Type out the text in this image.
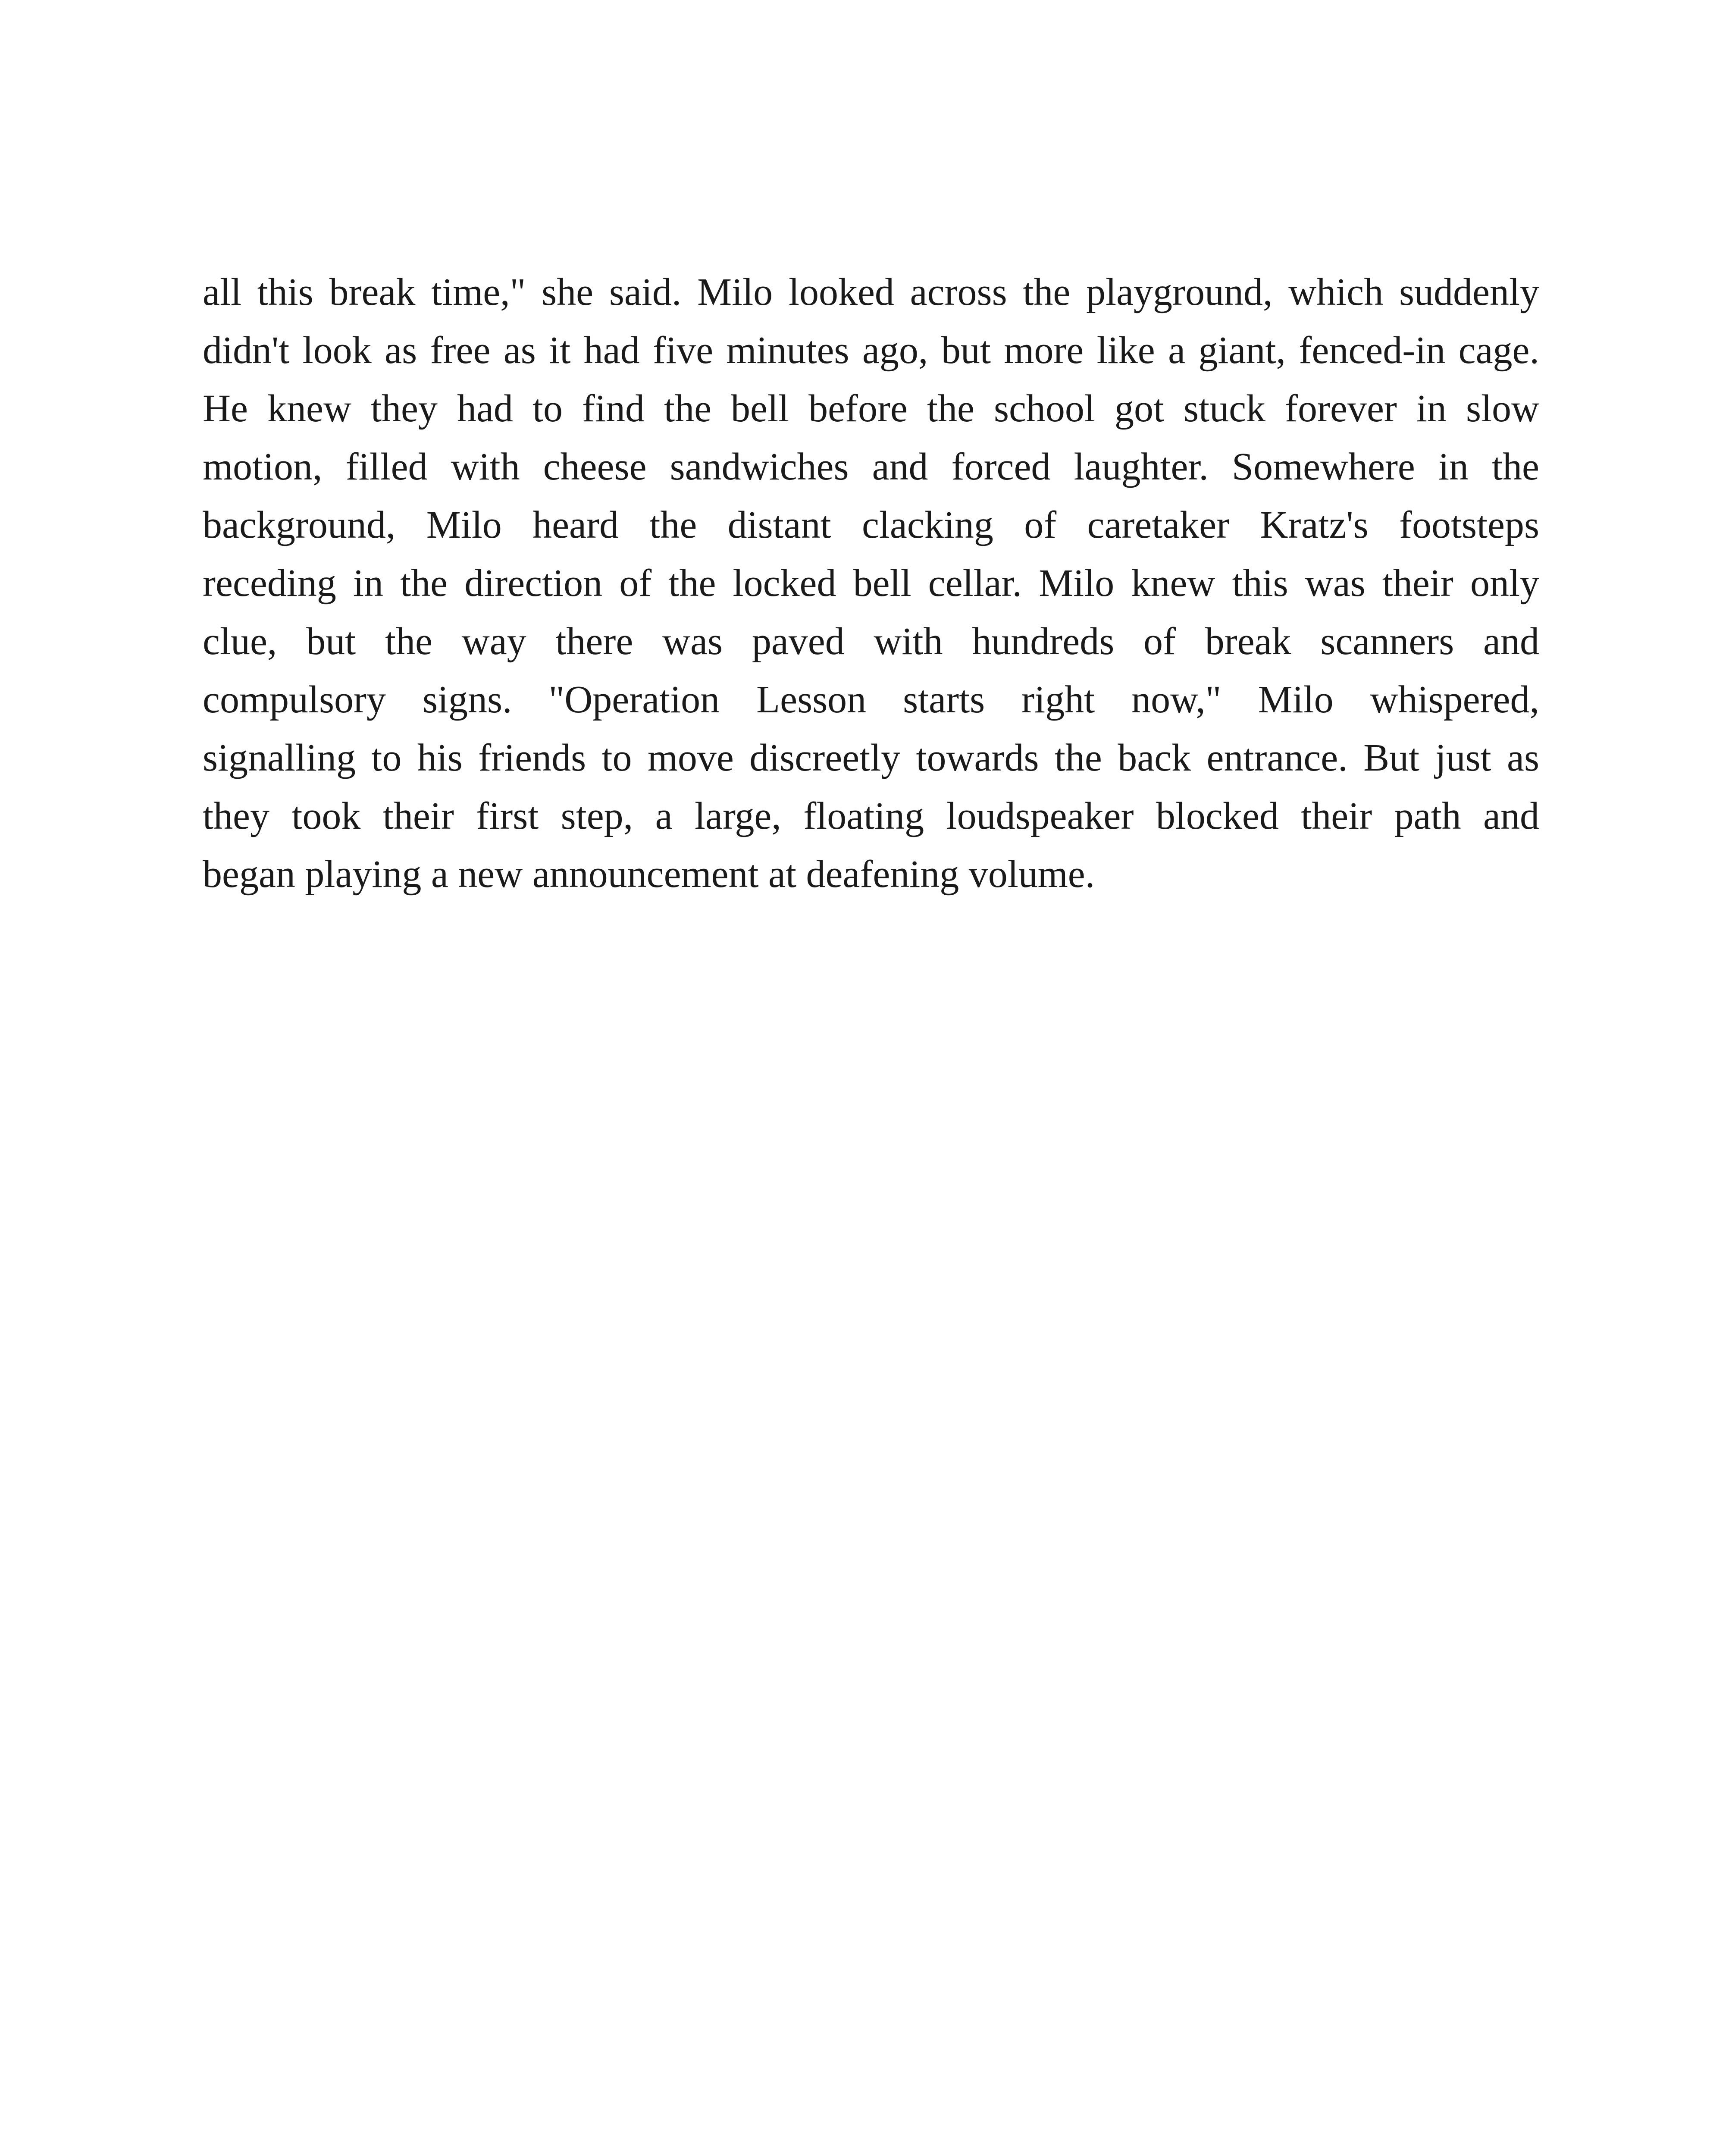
all this break time," she said. Milo looked across the playground, which suddenly
didn't look as free as it had five minutes ago, but more like a giant, fenced-in cage.
He knew they had to find the bell before the school got stuck forever in slow
motion, filled with cheese sandwiches and forced laughter. Somewhere in the
background, Milo heard the distant clacking of caretaker Kratz's footsteps
receding in the direction of the locked bell cellar. Milo knew this was their only
clue, but the way there was paved with hundreds of break scanners and
compulsory signs. "Operation Lesson starts right now," Milo whispered,
signalling to his friends to move discreetly towards the back entrance. But just as
they took their first step, a large, floating loudspeaker blocked their path and
began playing a new announcement at deafening volume.
